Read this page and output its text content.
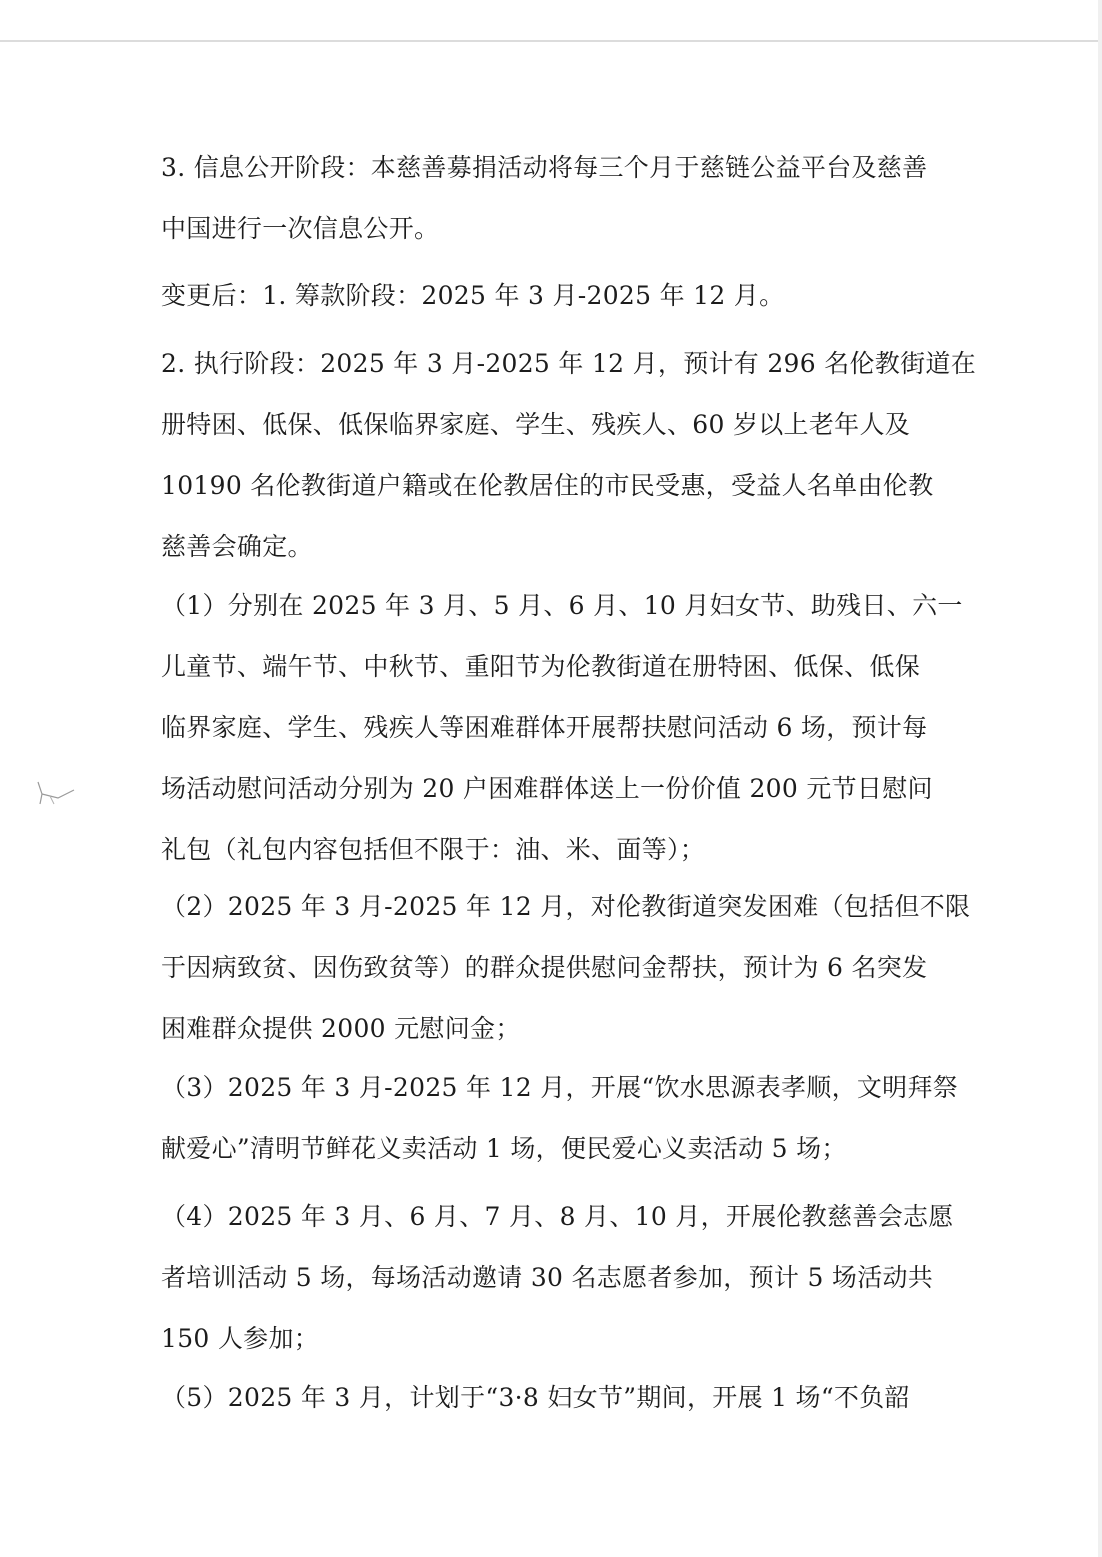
3. 信息公开阶段：本慈善募捐活动将每三个月于慈链公益平台及慈善
中国进行一次信息公开。

变更后：1. 筹款阶段：2025 年 3 月-2025 年 12 月。

2. 执行阶段：2025 年 3 月-2025 年 12 月，预计有 296 名伦教街道在
册特困、低保、低保临界家庭、学生、残疾人、60 岁以上老年人及
10190 名伦教街道户籍或在伦教居住的市民受惠，受益人名单由伦教
慈善会确定。

（1）分别在 2025 年 3 月、5 月、6 月、10 月妇女节、助残日、六一
儿童节、端午节、中秋节、重阳节为伦教街道在册特困、低保、低保
临界家庭、学生、残疾人等困难群体开展帮扶慰问活动 6 场，预计每
场活动慰问活动分别为 20 户困难群体送上一份价值 200 元节日慰问
礼包（礼包内容包括但不限于：油、米、面等）；

（2）2025 年 3 月-2025 年 12 月，对伦教街道突发困难（包括但不限
于因病致贫、因伤致贫等）的群众提供慰问金帮扶，预计为 6 名突发
困难群众提供 2000 元慰问金；

（3）2025 年 3 月-2025 年 12 月，开展“饮水思源表孝顺，文明拜祭
献爱心”清明节鲜花义卖活动 1 场，便民爱心义卖活动 5 场；

（4）2025 年 3 月、6 月、7 月、8 月、10 月，开展伦教慈善会志愿
者培训活动 5 场，每场活动邀请 30 名志愿者参加，预计 5 场活动共
150 人参加；

（5）2025 年 3 月，计划于“3·8 妇女节”期间，开展 1 场“不负韶
